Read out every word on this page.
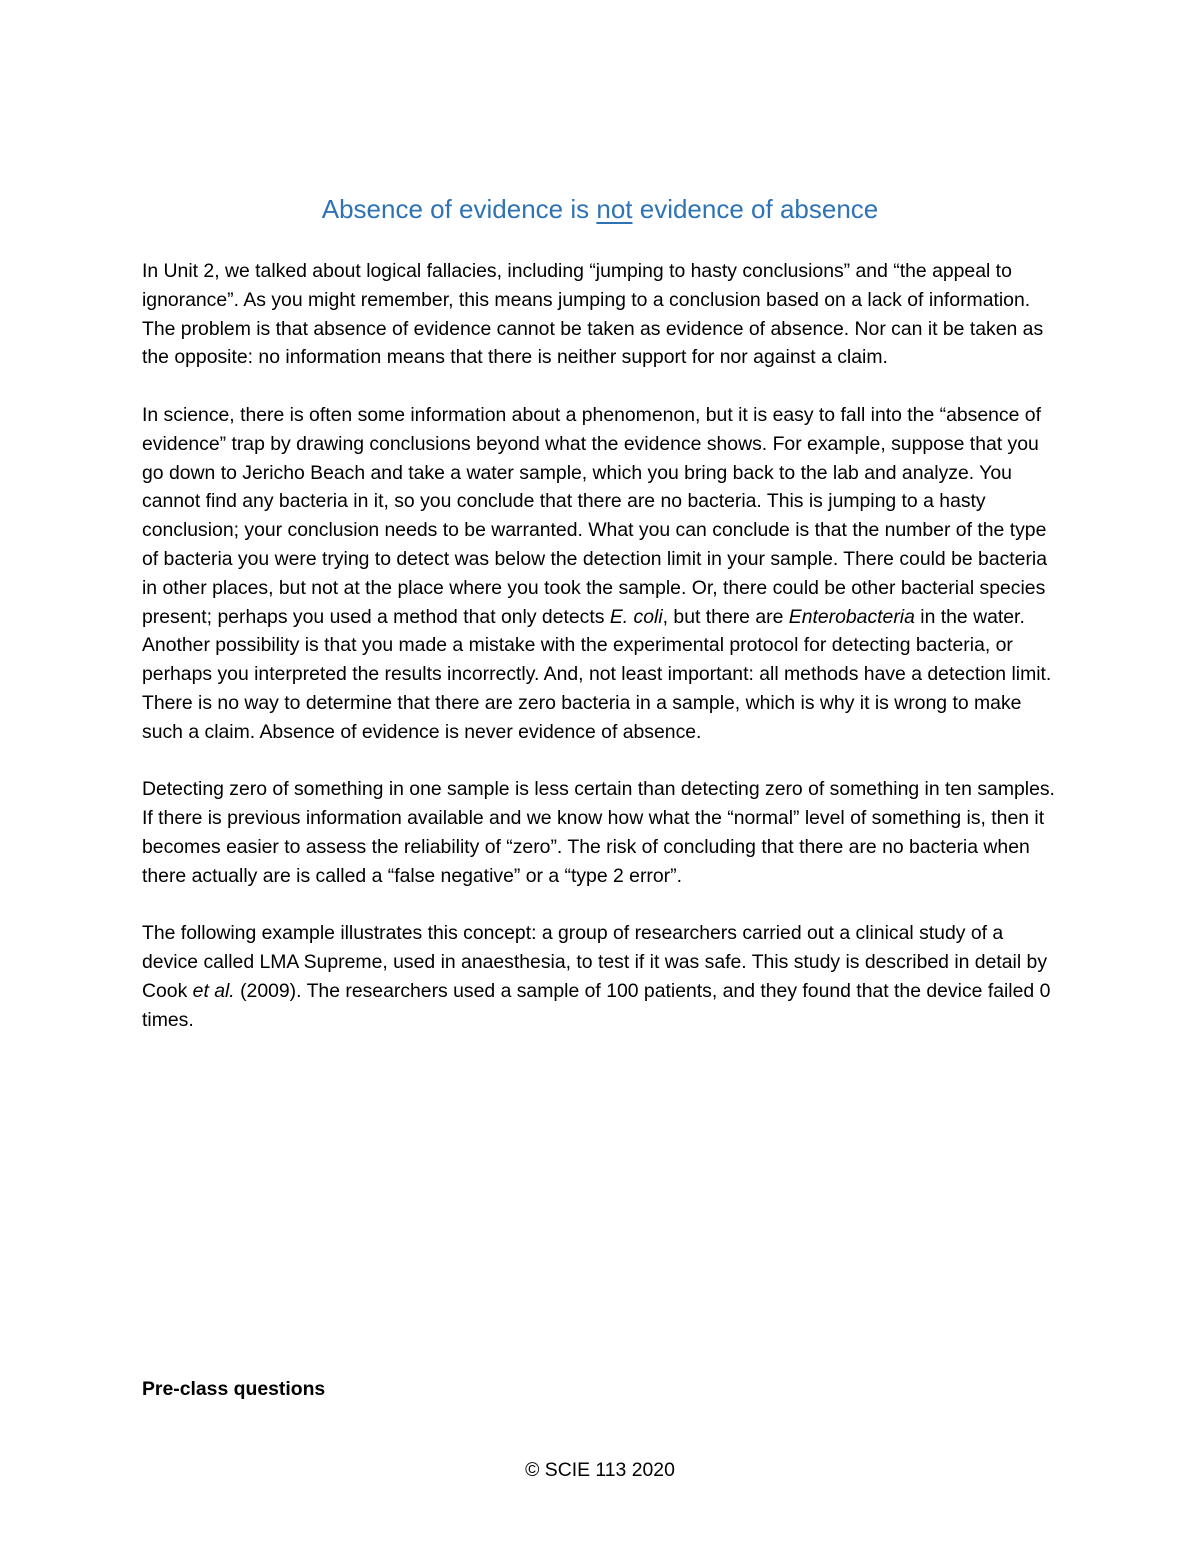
Absence of evidence is not evidence of absence

In Unit 2, we talked about logical fallacies, including “jumping to hasty conclusions” and “the appeal to ignorance”. As you might remember, this means jumping to a conclusion based on a lack of information. The problem is that absence of evidence cannot be taken as evidence of absence. Nor can it be taken as the opposite: no information means that there is neither support for nor against a claim.

In science, there is often some information about a phenomenon, but it is easy to fall into the “absence of evidence” trap by drawing conclusions beyond what the evidence shows. For example, suppose that you go down to Jericho Beach and take a water sample, which you bring back to the lab and analyze. You cannot find any bacteria in it, so you conclude that there are no bacteria. This is jumping to a hasty conclusion; your conclusion needs to be warranted. What you can conclude is that the number of the type of bacteria you were trying to detect was below the detection limit in your sample. There could be bacteria in other places, but not at the place where you took the sample. Or, there could be other bacterial species present; perhaps you used a method that only detects E. coli, but there are Enterobacteria in the water. Another possibility is that you made a mistake with the experimental protocol for detecting bacteria, or perhaps you interpreted the results incorrectly. And, not least important: all methods have a detection limit. There is no way to determine that there are zero bacteria in a sample, which is why it is wrong to make such a claim. Absence of evidence is never evidence of absence.

Detecting zero of something in one sample is less certain than detecting zero of something in ten samples. If there is previous information available and we know how what the “normal” level of something is, then it becomes easier to assess the reliability of “zero”. The risk of concluding that there are no bacteria when there actually are is called a “false negative” or a “type 2 error”.

The following example illustrates this concept: a group of researchers carried out a clinical study of a device called LMA Supreme, used in anaesthesia, to test if it was safe. This study is described in detail by Cook et al. (2009). The researchers used a sample of 100 patients, and they found that the device failed 0 times.

Pre-class questions

© SCIE 113 2020
